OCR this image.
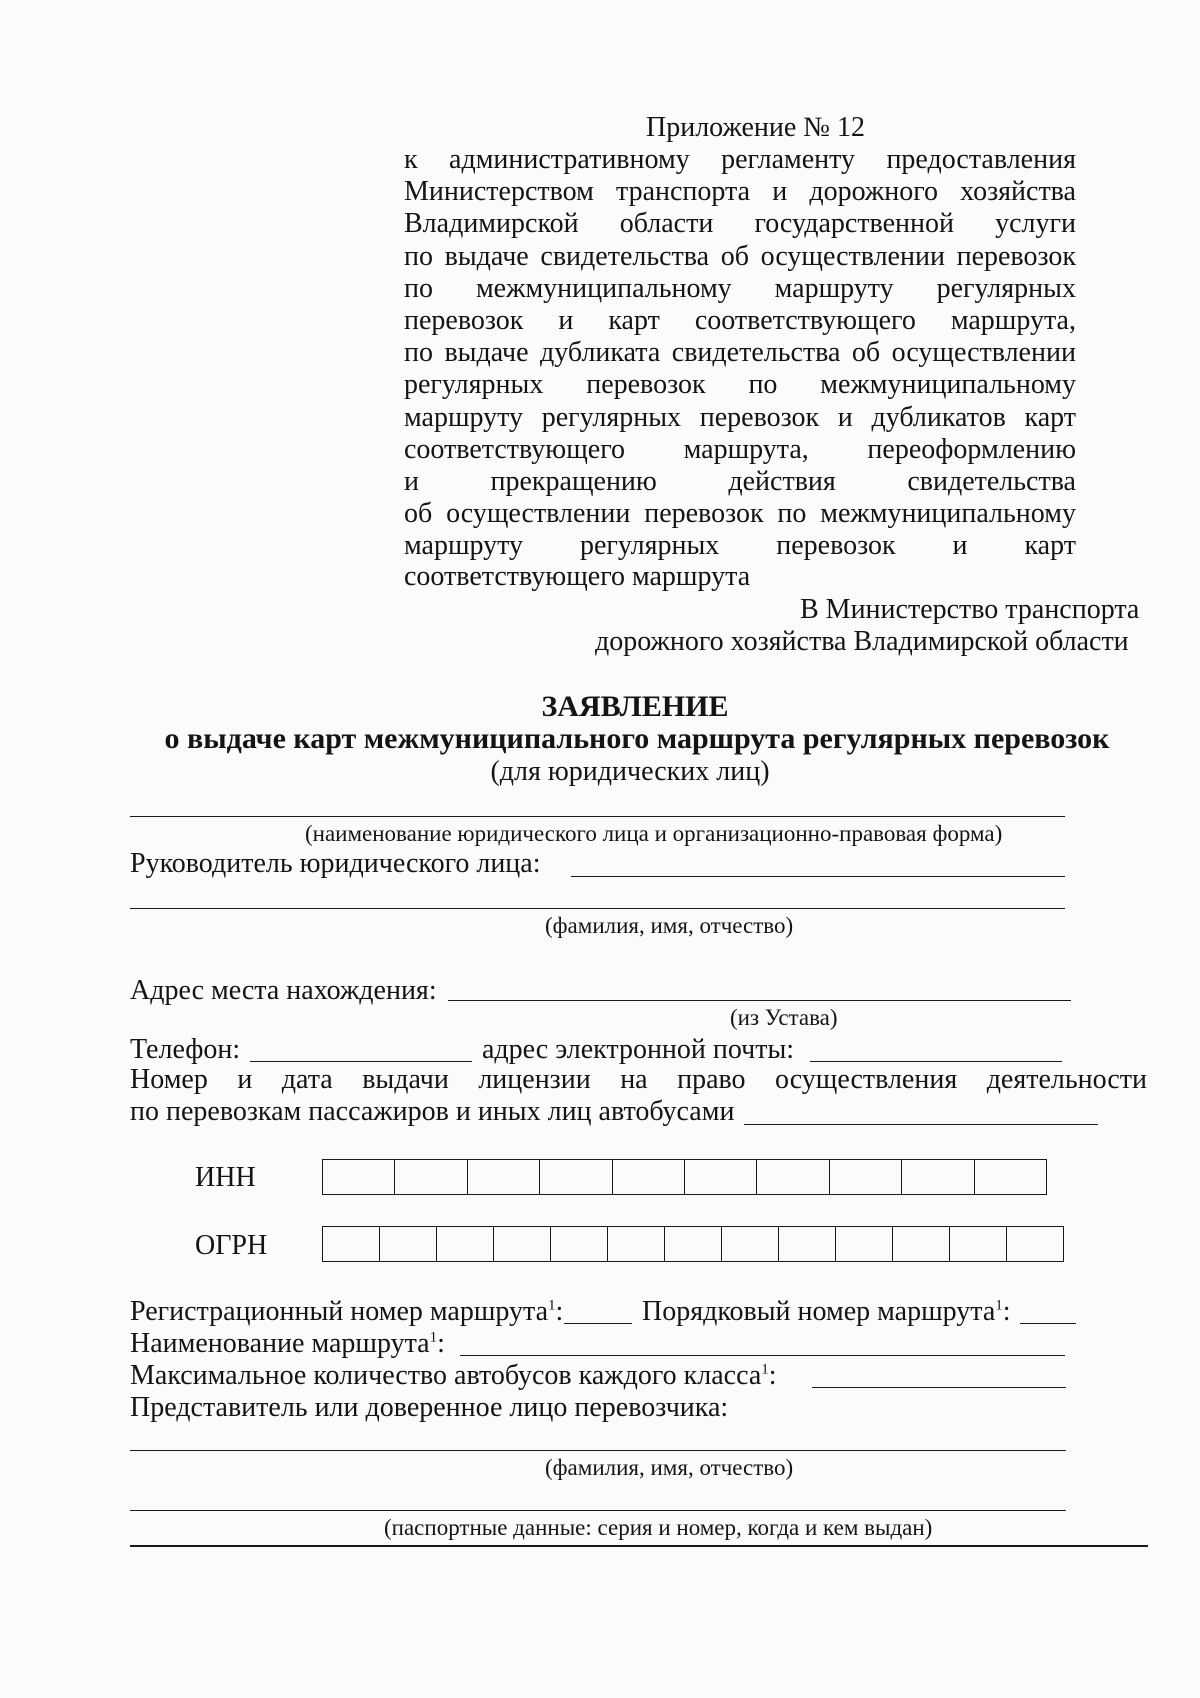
Приложение № 12
к административному регламенту предоставления
Министерством транспорта и дорожного хозяйства
Владимирской области государственной услуги
по выдаче свидетельства об осуществлении перевозок
по межмуниципальному маршруту регулярных
перевозок и карт соответствующего маршрута,
по выдаче дубликата свидетельства об осуществлении
регулярных перевозок по межмуниципальному
маршруту регулярных перевозок и дубликатов карт
соответствующего маршрута, переоформлению
и	прекращению	действия	свидетельства
об осуществлении перевозок по межмуниципальному
маршруту регулярных перевозок и карт
соответствующего маршрута
В Министерство транспорта
дорожного хозяйства Владимирской области
ЗАЯВЛЕНИЕ
о выдаче карт межмуниципального маршрута регулярных перевозок
(для юридических лиц)
(наименование юридического лица и организационно-правовая форма)
Руководитель юридического лица:
(фамилия, имя, отчество)
Адрес места нахождения:
(из Устава)
Телефон:	адрес электронной почты:
Номер и дата выдачи лицензии на право осуществления деятельности
по перевозкам пассажиров и иных лиц автобусами
ИНН
ОГРН
Регистрационный номер маршрута$^1$:	Порядковый номер маршрута$^1$:
Наименование маршрута$^1$:
Максимальное количество автобусов каждого класса$^1$:
Представитель или доверенное лицо перевозчика:
(фамилия, имя, отчество)
(паспортные данные: серия и номер, когда и кем выдан)
